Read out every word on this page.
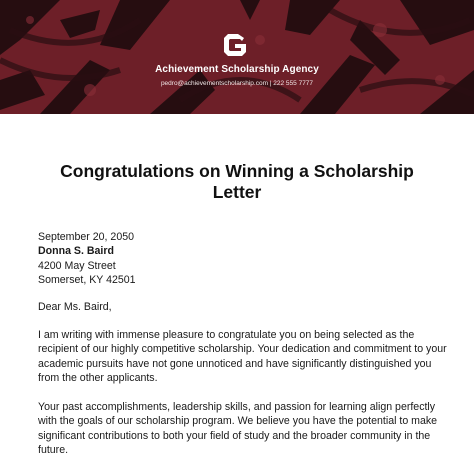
Achievement Scholarship Agency
pedro@achievementscholarship.com | 222 555 7777
Congratulations on Winning a Scholarship
Letter
September 20, 2050
Donna S. Baird
4200 May Street
Somerset, KY 42501
Dear Ms. Baird,
I am writing with immense pleasure to congratulate you on being selected as the
recipient of our highly competitive scholarship. Your dedication and commitment to your
academic pursuits have not gone unnoticed and have significantly distinguished you
from the other applicants.
Your past accomplishments, leadership skills, and passion for learning align perfectly
with the goals of our scholarship program. We believe you have the potential to make
significant contributions to both your field of study and the broader community in the
future.
